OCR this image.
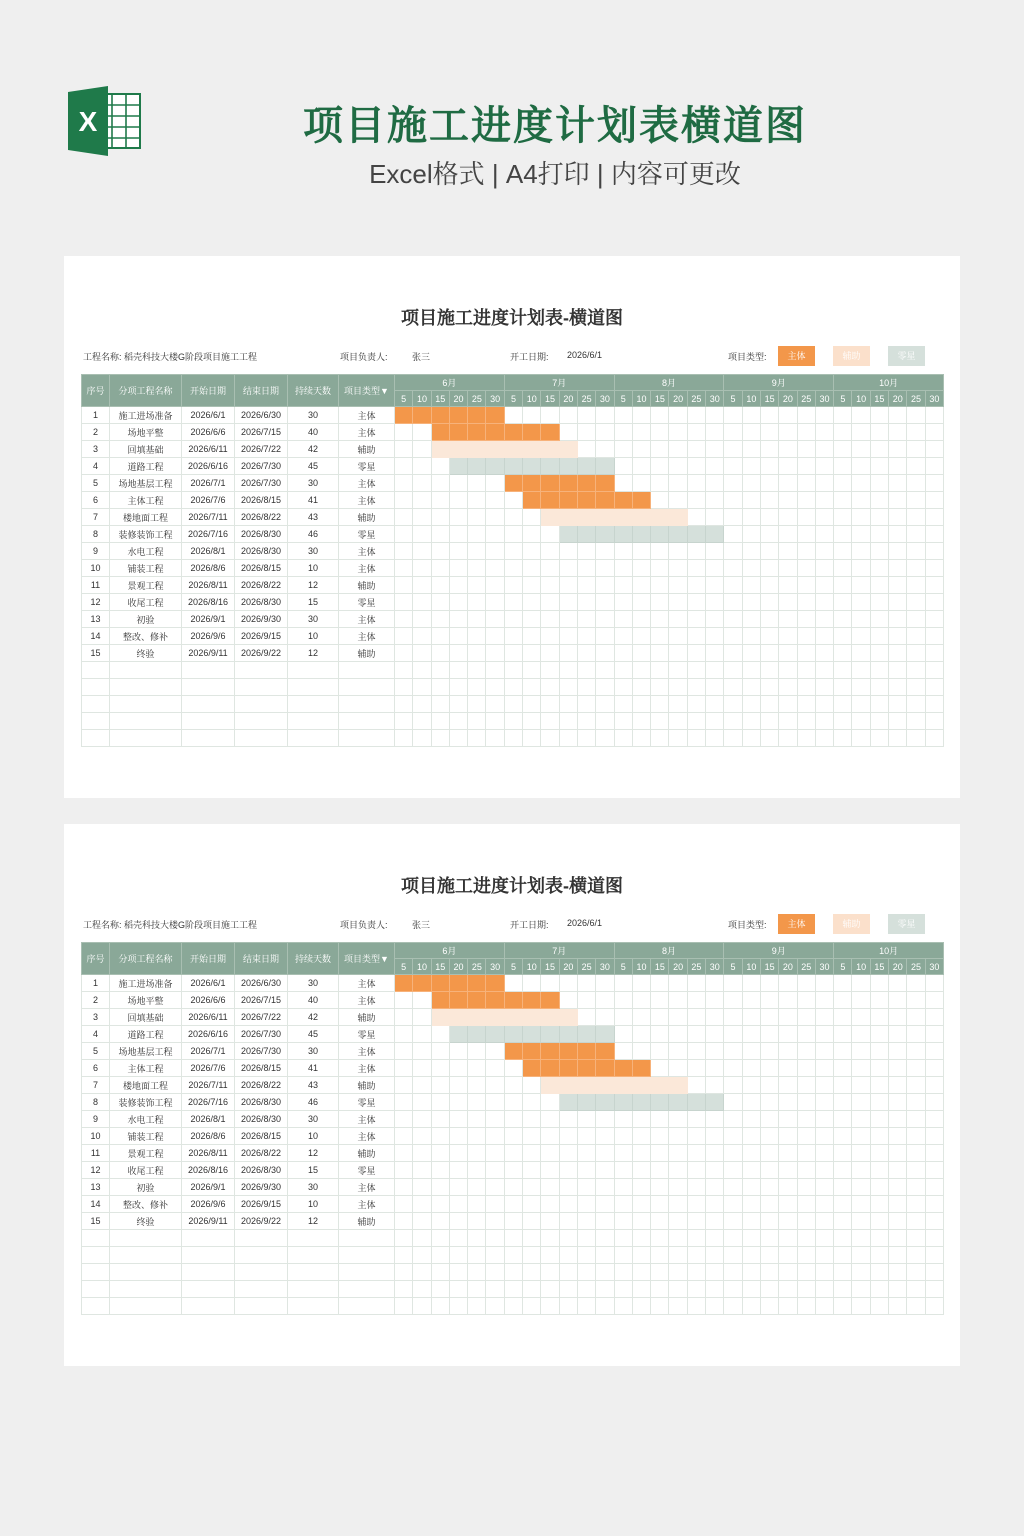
X	项目施工进度计划表横道图
Excel格式 | A4打印 | 内容可更改
项目施工进度计划表-横道图
工程名称: 稻壳科技大楼G阶段项目施工工程	项目负责人:	张三	开工日期: 2026/6/1	项目类型:	主体	辅助	零星
序号	分项工程名称	开始日期	结束日期	持续天数	项目类型▼	6月						7月						8月						9月						10月					
						5	10	15	20	25	30	5	10	15	20	25	30	5	10	15	20	25	30	5	10	15	20	25	30	5	10	15	20	25	30
1	施工进场准备	2026/6/1	2026/6/30	30	主体																														
2	场地平整	2026/6/6	2026/7/15	40	主体																														
3	回填基础	2026/6/11	2026/7/22	42	辅助																														
4	道路工程	2026/6/16	2026/7/30	45	零星																														
5	场地基层工程	2026/7/1	2026/7/30	30	主体																														
6	主体工程	2026/7/6	2026/8/15	41	主体																														
7	楼地面工程	2026/7/11	2026/8/22	43	辅助																														
8	装修装饰工程	2026/7/16	2026/8/30	46	零星																														
9	水电工程	2026/8/1	2026/8/30	30	主体																														
10	铺装工程	2026/8/6	2026/8/15	10	主体																														
11	景观工程	2026/8/11	2026/8/22	12	辅助																														
12	收尾工程	2026/8/16	2026/8/30	15	零星																														
13	初验	2026/9/1	2026/9/30	30	主体																														
14	整改、修补	2026/9/6	2026/9/15	10	主体																														
15	终验	2026/9/11	2026/9/22	12	辅助																														

项目施工进度计划表-横道图
工程名称: 稻壳科技大楼G阶段项目施工工程	项目负责人:	张三	开工日期: 2026/6/1	项目类型:	主体	辅助	零星
序号	分项工程名称	开始日期	结束日期	持续天数	项目类型▼	6月						7月						8月						9月						10月					
						5	10	15	20	25	30	5	10	15	20	25	30	5	10	15	20	25	30	5	10	15	20	25	30	5	10	15	20	25	30
1	施工进场准备	2026/6/1	2026/6/30	30	主体																														
2	场地平整	2026/6/6	2026/7/15	40	主体																														
3	回填基础	2026/6/11	2026/7/22	42	辅助																														
4	道路工程	2026/6/16	2026/7/30	45	零星																														
5	场地基层工程	2026/7/1	2026/7/30	30	主体																														
6	主体工程	2026/7/6	2026/8/15	41	主体																														
7	楼地面工程	2026/7/11	2026/8/22	43	辅助																														
8	装修装饰工程	2026/7/16	2026/8/30	46	零星																														
9	水电工程	2026/8/1	2026/8/30	30	主体																														
10	铺装工程	2026/8/6	2026/8/15	10	主体																														
11	景观工程	2026/8/11	2026/8/22	12	辅助																														
12	收尾工程	2026/8/16	2026/8/30	15	零星																														
13	初验	2026/9/1	2026/9/30	30	主体																														
14	整改、修补	2026/9/6	2026/9/15	10	主体																														
15	终验	2026/9/11	2026/9/22	12	辅助																														
